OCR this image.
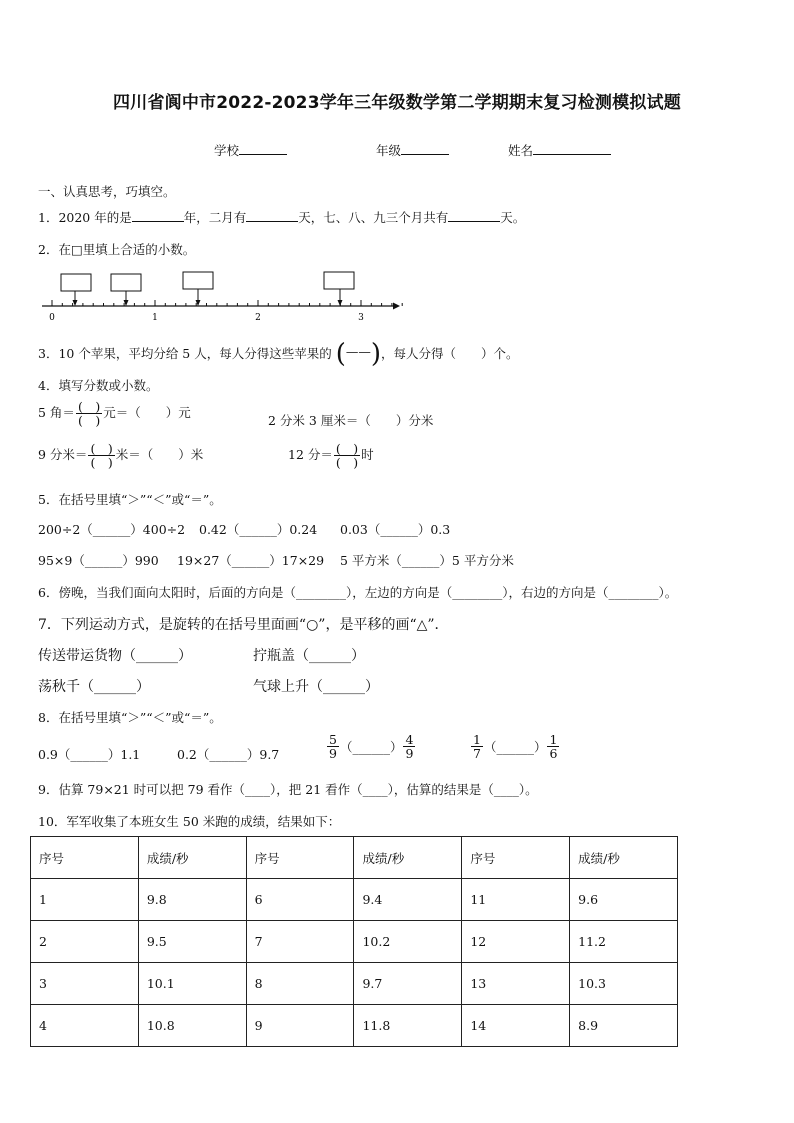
四川省阆中市2022-2023学年三年级数学第二学期期末复习检测模拟试题
学校	年级	姓名
一、认真思考，巧填空。
1．2020 年的是	年，二月有	天，七、八、九三个月共有	天。
2．在□里填上合适的小数。
0	1	2	3
3．10 个苹果，平均分给 5 人，每人分得这些苹果的 (——)，每人分得（　　）个。
4．填写分数或小数。
5 角＝ $\frac{( )}{( )}$ 元＝（　　）元
2 分米 3 厘米＝（　　）分米
9 分米＝ $\frac{( )}{( )}$ 米＝（　　）米	12 分＝ $\frac{( )}{( )}$ 时
5．在括号里填“＞”“＜”或“＝”。
200÷2（______）400÷2 0.42（______）0.24 0.03（______）0.3
95×9（______）990 19×27（______）17×29 5 平方米（______）5 平方分米
6．傍晚，当我们面向太阳时，后面的方向是（________），左边的方向是（________），右边的方向是（________）。
7．下列运动方式，是旋转的在括号里面画“○”，是平移的画“△”．
传送带运货物（______）	拧瓶盖（______）
荡秋千（______）	气球上升（______）
8．在括号里填“＞”“＜”或“＝”。
0.9（______）1.1	0.2（______）9.7	$\frac{5}{9}$ （______） $\frac{4}{9}$	$\frac{1}{7}$ （______） $\frac{1}{6}$
9．估算 79×21 时可以把 79 看作（____），把 21 看作（____），估算的结果是（____）。
10．军军收集了本班女生 50 米跑的成绩，结果如下：
序号	成绩/秒	序号	成绩/秒	序号	成绩/秒
1	9.8	6	9.4	11	9.6
2	9.5	7	10.2	12	11.2
3	10.1	8	9.7	13	10.3
4	10.8	9	11.8	14	8.9
